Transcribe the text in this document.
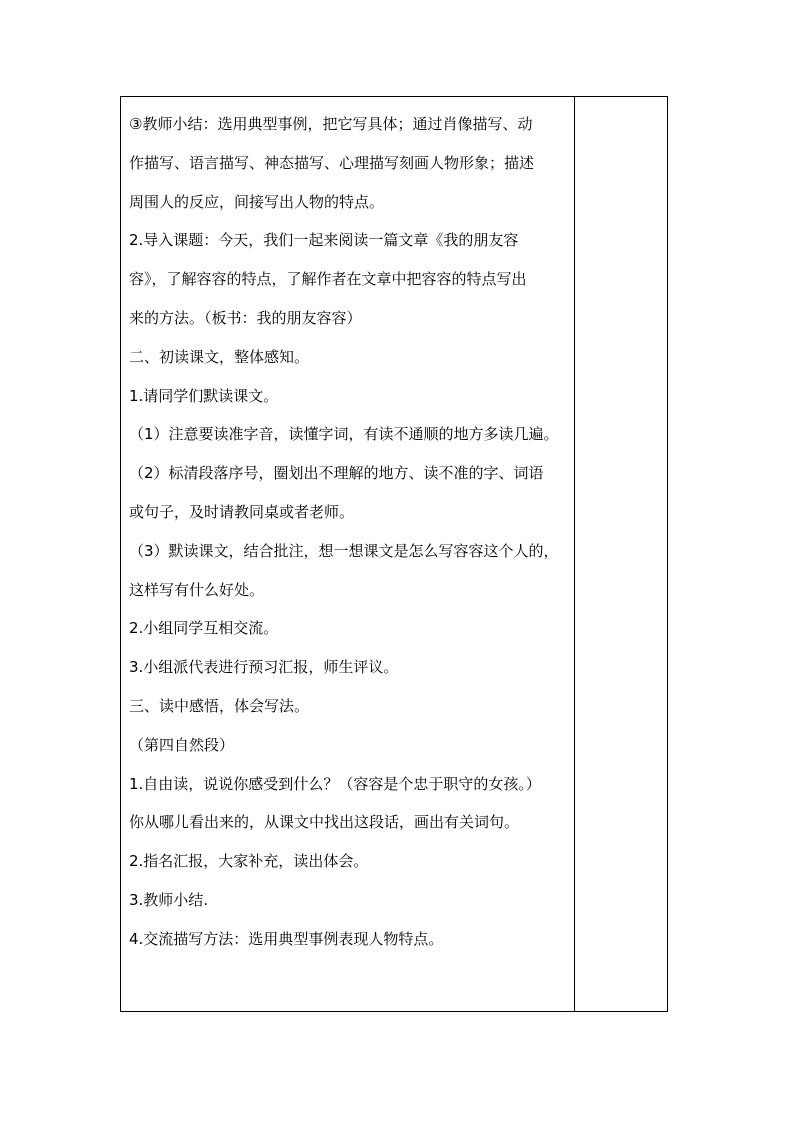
③教师小结：选用典型事例，把它写具体；通过肖像描写、动
作描写、语言描写、神态描写、心理描写刻画人物形象；描述
周围人的反应，间接写出人物的特点。
2.导入课题：今天，我们一起来阅读一篇文章《我的朋友容
容》，了解容容的特点，了解作者在文章中把容容的特点写出
来的方法。（板书：我的朋友容容）
二、初读课文，整体感知。
1.请同学们默读课文。
（1）注意要读准字音，读懂字词，有读不通顺的地方多读几遍。
（2）标清段落序号，圈划出不理解的地方、读不准的字、词语
或句子，及时请教同桌或者老师。
（3）默读课文，结合批注，想一想课文是怎么写容容这个人的，
这样写有什么好处。
2.小组同学互相交流。
3.小组派代表进行预习汇报，师生评议。
三、读中感悟，体会写法。
（第四自然段）
1.自由读，说说你感受到什么？（容容是个忠于职守的女孩。）
你从哪儿看出来的，从课文中找出这段话，画出有关词句。
2.指名汇报，大家补充，读出体会。
3.教师小结.
4.交流描写方法：选用典型事例表现人物特点。
